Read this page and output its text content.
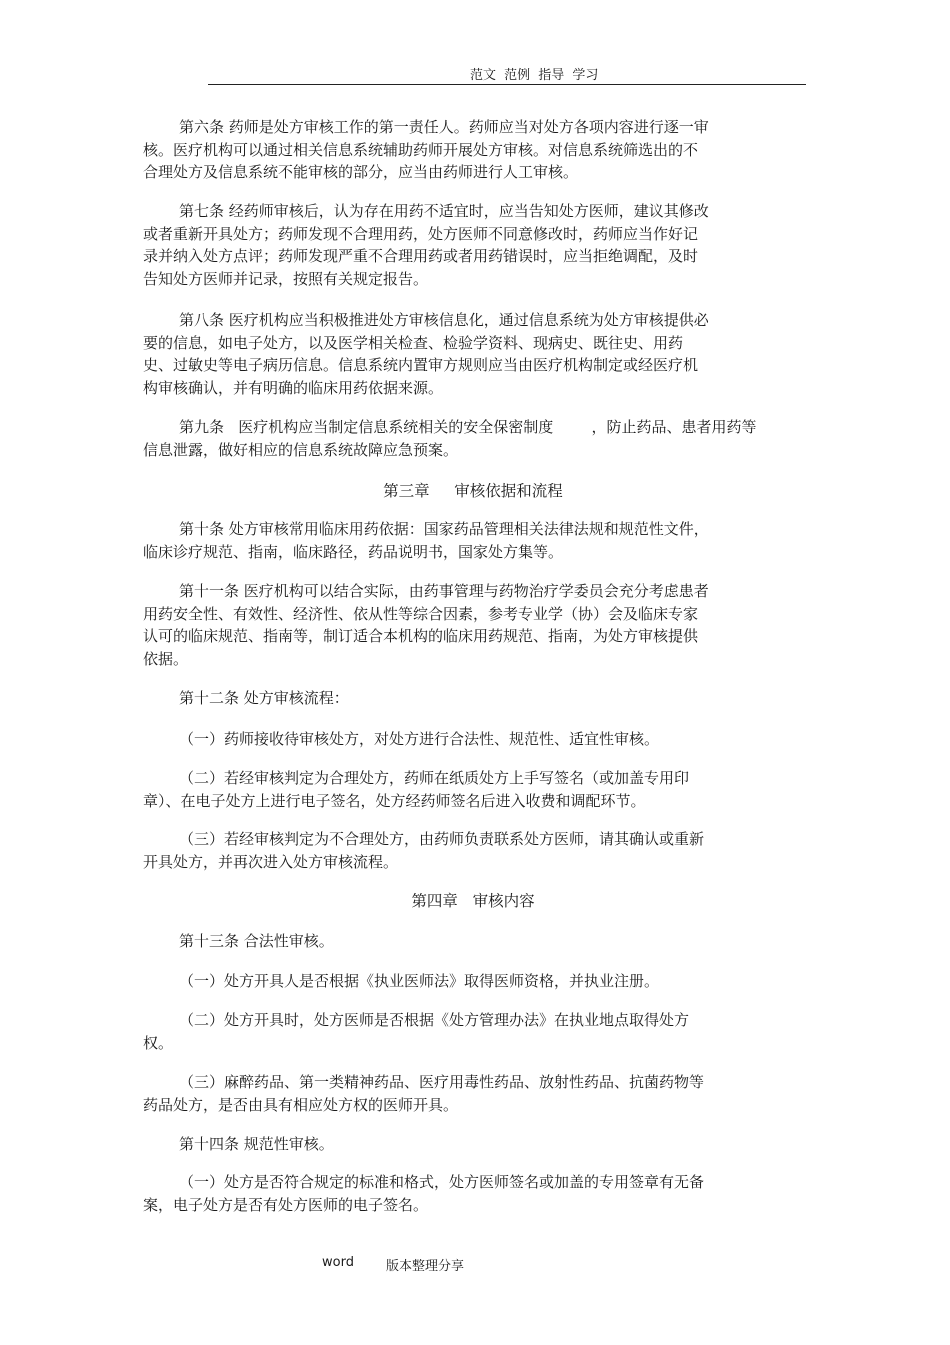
范文 范例 指导 学习
第六条 药师是处方审核工作的第一责任人。药师应当对处方各项内容进行逐一审
核。医疗机构可以通过相关信息系统辅助药师开展处方审核。对信息系统筛选出的不
合理处方及信息系统不能审核的部分，应当由药师进行人工审核。
第七条 经药师审核后，认为存在用药不适宜时，应当告知处方医师，建议其修改
或者重新开具处方；药师发现不合理用药，处方医师不同意修改时，药师应当作好记
录并纳入处方点评；药师发现严重不合理用药或者用药错误时，应当拒绝调配，及时
告知处方医师并记录，按照有关规定报告。
第八条 医疗机构应当积极推进处方审核信息化，通过信息系统为处方审核提供必
要的信息，如电子处方，以及医学相关检查、检验学资料、现病史、既往史、用药
史、过敏史等电子病历信息。信息系统内置审方规则应当由医疗机构制定或经医疗机
构审核确认，并有明确的临床用药依据来源。
第九条   医疗机构应当制定信息系统相关的安全保密制度        ，防止药品、患者用药等
信息泄露，做好相应的信息系统故障应急预案。
第三章     审核依据和流程
第十条 处方审核常用临床用药依据：国家药品管理相关法律法规和规范性文件，
临床诊疗规范、指南，临床路径，药品说明书，国家处方集等。
第十一条 医疗机构可以结合实际，由药事管理与药物治疗学委员会充分考虑患者
用药安全性、有效性、经济性、依从性等综合因素，参考专业学（协）会及临床专家
认可的临床规范、指南等，制订适合本机构的临床用药规范、指南，为处方审核提供
依据。
第十二条 处方审核流程：
（一）药师接收待审核处方，对处方进行合法性、规范性、适宜性审核。
（二）若经审核判定为合理处方，药师在纸质处方上手写签名（或加盖专用印
章）、在电子处方上进行电子签名，处方经药师签名后进入收费和调配环节。
（三）若经审核判定为不合理处方，由药师负责联系处方医师，请其确认或重新
开具处方，并再次进入处方审核流程。
第四章   审核内容
第十三条 合法性审核。
（一）处方开具人是否根据《执业医师法》取得医师资格，并执业注册。
（二）处方开具时，处方医师是否根据《处方管理办法》在执业地点取得处方
权。
（三）麻醉药品、第一类精神药品、医疗用毒性药品、放射性药品、抗菌药物等
药品处方，是否由具有相应处方权的医师开具。
第十四条 规范性审核。
（一）处方是否符合规定的标准和格式，处方医师签名或加盖的专用签章有无备
案，电子处方是否有处方医师的电子签名。
word 版本整理分享
